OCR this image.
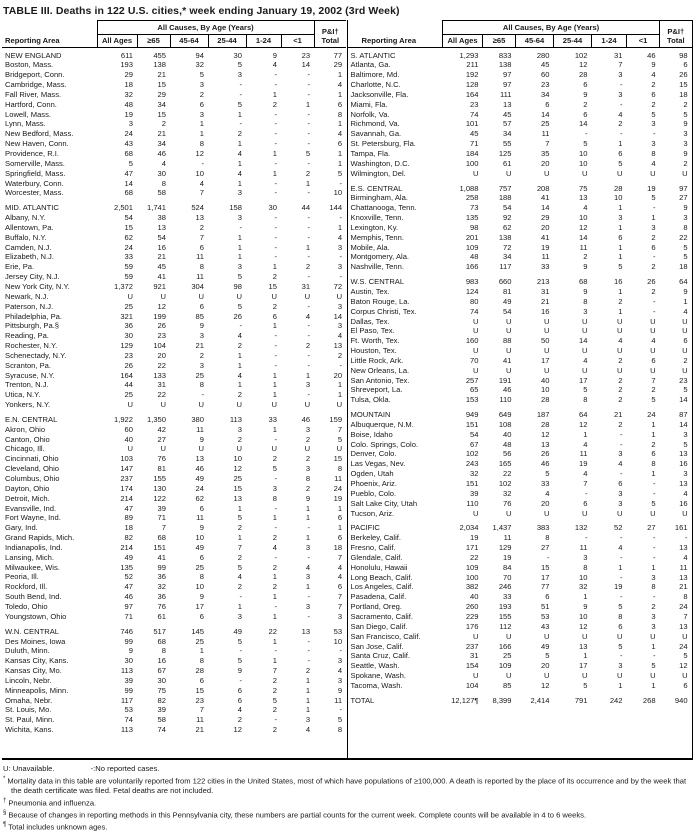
TABLE III. Deaths in 122 U.S. cities,* week ending January 19, 2002 (3rd Week)
Reporting Area	All Causes, By Age (Years)						P&I†
Total

	All Ages	≥65	45-64	25-44	1-24	<1	
NEW ENGLAND	611	455	94	30	9	23	77
Boston, Mass.	193	138	32	5	4	14	29
Bridgeport, Conn.	29	21	5	3	-	-	1
Cambridge, Mass.	18	15	3	-	-	-	4
Fall River, Mass.	32	29	2	-	1	-	1
Hartford, Conn.	48	34	6	5	2	1	6
Lowell, Mass.	19	15	3	1	-	-	8
Lynn, Mass.	3	2	1	-	-	-	1
New Bedford, Mass.	24	21	1	2	-	-	4
New Haven, Conn.	43	34	8	1	-	-	6
Providence, R.I.	68	46	12	4	1	5	1
Somerville, Mass.	5	4	-	1	-	-	1
Springfield, Mass.	47	30	10	4	1	2	5
Waterbury, Conn.	14	8	4	1	-	1	-
Worcester, Mass.	68	58	7	3	-	-	10

MID. ATLANTIC	2,501	1,741	524	158	30	44	144
Albany, N.Y.	54	38	13	3	-	-	-
Allentown, Pa.	15	13	2	-	-	-	1
Buffalo, N.Y.	62	54	7	1	-	-	4
Camden, N.J.	24	16	6	1	-	1	3
Elizabeth, N.J.	33	21	11	1	-	-	-
Erie, Pa.	59	45	8	3	1	2	3
Jersey City, N.J.	59	41	11	5	2	-	-
New York City, N.Y.	1,372	921	304	98	15	31	72
Newark, N.J.	U	U	U	U	U	U	U
Paterson, N.J.	25	12	6	5	2	-	3
Philadelphia, Pa.	321	199	85	26	6	4	14
Pittsburgh, Pa.§	36	26	9	-	1	-	3
Reading, Pa.	30	23	3	4	-	-	4
Rochester, N.Y.	129	104	21	2	-	2	13
Schenectady, N.Y.	23	20	2	1	-	-	2
Scranton, Pa.	26	22	3	1	-	-	-
Syracuse, N.Y.	164	133	25	4	1	1	20
Trenton, N.J.	44	31	8	1	1	3	1
Utica, N.Y.	25	22	-	2	1	-	1
Yonkers, N.Y.	U	U	U	U	U	U	U

E.N. CENTRAL	1,922	1,350	380	113	33	46	159
Akron, Ohio	60	42	11	3	1	3	7
Canton, Ohio	40	27	9	2	-	2	5
Chicago, Ill.	U	U	U	U	U	U	U
Cincinnati, Ohio	103	76	13	10	2	2	15
Cleveland, Ohio	147	81	46	12	5	3	8
Columbus, Ohio	237	155	49	25	-	8	11
Dayton, Ohio	174	130	24	15	3	2	24
Detroit, Mich.	214	122	62	13	8	9	19
Evansville, Ind.	47	39	6	1	-	1	1
Fort Wayne, Ind.	89	71	11	5	1	1	6
Gary, Ind.	18	7	9	2	-	-	1
Grand Rapids, Mich.	82	68	10	1	2	1	6
Indianapolis, Ind.	214	151	49	7	4	3	18
Lansing, Mich.	49	41	6	2	-	-	7
Milwaukee, Wis.	135	99	25	5	2	4	4
Peoria, Ill.	52	36	8	4	1	3	4
Rockford, Ill.	47	32	10	2	2	1	6
South Bend, Ind.	46	36	9	-	1	-	7
Toledo, Ohio	97	76	17	1	-	3	7
Youngstown, Ohio	71	61	6	3	1	-	3

W.N. CENTRAL	746	517	145	49	22	13	53
Des Moines, Iowa	99	68	25	5	1	-	10
Duluth, Minn.	9	8	1	-	-	-	-
Kansas City, Kans.	30	16	8	5	1	-	3
Kansas City, Mo.	113	67	28	9	7	2	4
Lincoln, Nebr.	39	30	6	-	2	1	3
Minneapolis, Minn.	99	75	15	6	2	1	9
Omaha, Nebr.	117	82	23	6	5	1	11
St. Louis, Mo.	53	39	7	4	2	1	-
St. Paul, Minn.	74	58	11	2	-	3	5
Wichita, Kans.	113	74	21	12	2	4	8
Reporting Area	All Causes, By Age (Years)						P&I†
Total

	All Ages	≥65	45-64	25-44	1-24	<1	
S. ATLANTIC	1,293	833	280	102	31	46	98
Atlanta, Ga.	211	138	45	12	7	9	6
Baltimore, Md.	192	97	60	28	3	4	26
Charlotte, N.C.	128	97	23	6	-	2	15
Jacksonville, Fla.	164	111	34	9	3	6	18
Miami, Fla.	23	13	6	2	-	2	2
Norfolk, Va.	74	45	14	6	4	5	5
Richmond, Va.	101	57	25	14	2	3	9
Savannah, Ga.	45	34	11	-	-	-	3
St. Petersburg, Fla.	71	55	7	5	1	3	3
Tampa, Fla.	184	125	35	10	6	8	9
Washington, D.C.	100	61	20	10	5	4	2
Wilmington, Del.	U	U	U	U	U	U	U

E.S. CENTRAL	1,088	757	208	75	28	19	97
Birmingham, Ala.	258	188	41	13	10	5	27
Chattanooga, Tenn.	73	54	14	4	1	-	9
Knoxville, Tenn.	135	92	29	10	3	1	3
Lexington, Ky.	98	62	20	12	1	3	8
Memphis, Tenn.	201	138	41	14	6	2	22
Mobile, Ala.	109	72	19	11	1	6	5
Montgomery, Ala.	48	34	11	2	1	-	5
Nashville, Tenn.	166	117	33	9	5	2	18

W.S. CENTRAL	983	660	213	68	16	26	64
Austin, Tex.	124	81	31	9	1	2	9
Baton Rouge, La.	80	49	21	8	2	-	1
Corpus Christi, Tex.	74	54	16	3	1	-	4
Dallas, Tex.	U	U	U	U	U	U	U
El Paso, Tex.	U	U	U	U	U	U	U
Ft. Worth, Tex.	160	88	50	14	4	4	6
Houston, Tex.	U	U	U	U	U	U	U
Little Rock, Ark.	70	41	17	4	2	6	2
New Orleans, La.	U	U	U	U	U	U	U
San Antonio, Tex.	257	191	40	17	2	7	23
Shreveport, La.	65	46	10	5	2	2	5
Tulsa, Okla.	153	110	28	8	2	5	14

MOUNTAIN	949	649	187	64	21	24	87
Albuquerque, N.M.	151	108	28	12	2	1	14
Boise, Idaho	54	40	12	1	-	1	3
Colo. Springs, Colo.	67	48	13	4	-	2	5
Denver, Colo.	102	56	26	11	3	6	13
Las Vegas, Nev.	243	165	46	19	4	8	16
Ogden, Utah	32	22	5	4	-	1	3
Phoenix, Ariz.	151	102	33	7	6	-	13
Pueblo, Colo.	39	32	4	-	3	-	4
Salt Lake City, Utah	110	76	20	6	3	5	16
Tucson, Ariz.	U	U	U	U	U	U	U

PACIFIC	2,034	1,437	383	132	52	27	161
Berkeley, Calif.	19	11	8	-	-	-	-
Fresno, Calif.	171	129	27	11	4	-	13
Glendale, Calif.	22	19	-	3	-	-	4
Honolulu, Hawaii	109	84	15	8	1	1	11
Long Beach, Calif.	100	70	17	10	-	3	13
Los Angeles, Calif.	382	246	77	32	19	8	21
Pasadena, Calif.	40	33	6	1	-	-	8
Portland, Oreg.	260	193	51	9	5	2	24
Sacramento, Calif.	229	155	53	10	8	3	7
San Diego, Calif.	176	112	43	12	6	3	13
San Francisco, Calif.	U	U	U	U	U	U	U
San Jose, Calif.	237	166	49	13	5	1	24
Santa Cruz, Calif.	31	25	5	1	-	-	5
Seattle, Wash.	154	109	20	17	3	5	12
Spokane, Wash.	U	U	U	U	U	U	U
Tacoma, Wash.	104	85	12	5	1	1	6

TOTAL	12,127¶	8,399	2,414	791	242	268	940
U: Unavailable.	-:No reported cases.

* Mortality data in this table are voluntarily reported from 122 cities in the United States, most of which have populations of ≥100,000. A death is reported by the place of its occurrence and by the week that the death certificate was filed. Fetal deaths are not included.

† Pneumonia and influenza.

§ Because of changes in reporting methods in this Pennsylvania city, these numbers are partial counts for the current week. Complete counts will be available in 4 to 6 weeks.

¶ Total includes unknown ages.
